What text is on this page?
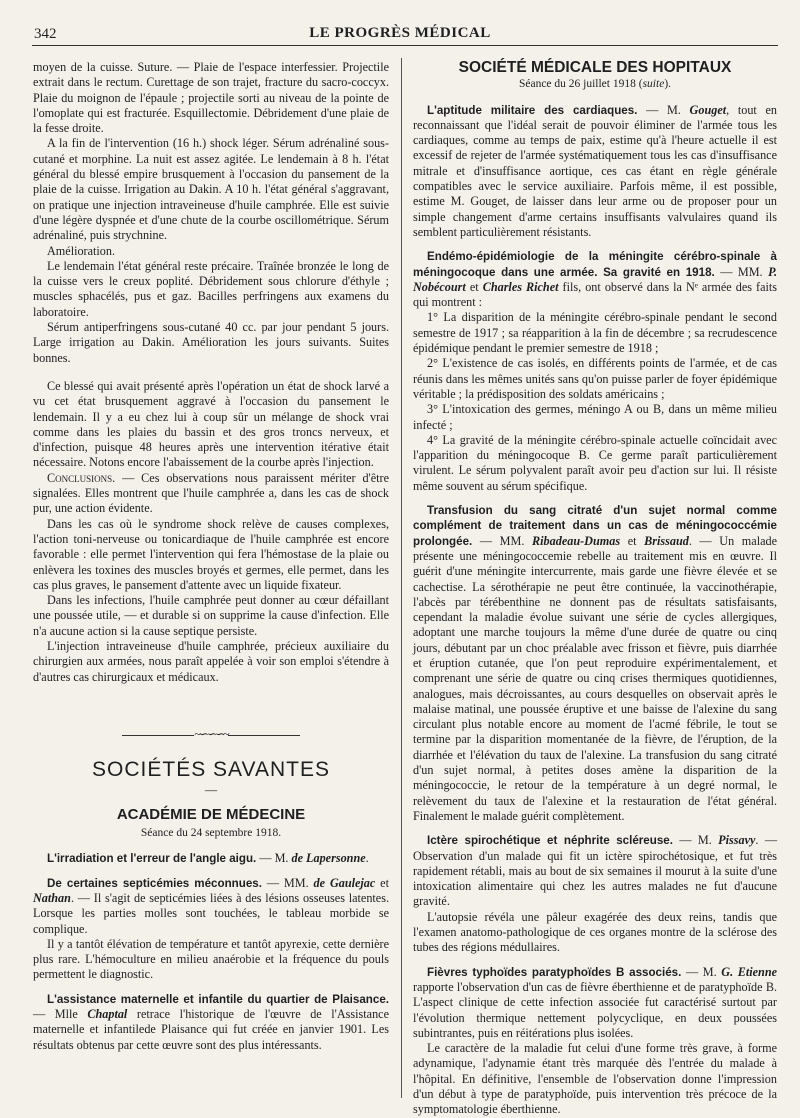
342	LE PROGRÈS MÉDICAL

moyen de la cuisse. Suture. — Plaie de l'espace interfessier. Projectile extrait dans le rectum. Curettage de son trajet, fracture du sacro-coccyx. Plaie du moignon de l'épaule ; projectile sorti au niveau de la pointe de l'omoplate qui est fracturée. Esquillectomie. Débridement d'une plaie de la fesse droite.

A la fin de l'intervention (16 h.) shock léger. Sérum adrénaliné sous-cutané et morphine. La nuit est assez agitée. Le lendemain à 8 h. l'état général du blessé empire brusquement à l'occasion du pansement de la plaie de la cuisse. Irrigation au Dakin. A 10 h. l'état général s'aggravant, on pratique une injection intraveineuse d'huile camphrée. Elle est suivie d'une légère dyspnée et d'une chute de la courbe oscillométrique. Sérum adrénaliné, puis strychnine.

Amélioration.

Le lendemain l'état général reste précaire. Traînée bronzée le long de la cuisse vers le creux poplité. Débridement sous chlorure d'éthyle ; muscles sphacélés, pus et gaz. Bacilles perfringens aux examens du laboratoire.

Sérum antiperfringens sous-cutané 40 cc. par jour pendant 5 jours. Large irrigation au Dakin. Amélioration les jours suivants. Suites bonnes.

Ce blessé qui avait présenté après l'opération un état de shock larvé a vu cet état brusquement aggravé à l'occasion du pansement le lendemain. Il y a eu chez lui à coup sûr un mélange de shock vrai comme dans les plaies du bassin et des gros troncs nerveux, et d'infection, puisque 48 heures après une intervention itérative était nécessaire. Notons encore l'abaissement de la courbe après l'injection.

Conclusions. — Ces observations nous paraissent mériter d'être signalées. Elles montrent que l'huile camphrée a, dans les cas de shock pur, une action évidente.

Dans les cas où le syndrome shock relève de causes complexes, l'action toni-nerveuse ou tonicardiaque de l'huile camphrée est encore favorable : elle permet l'intervention qui fera l'hémostase de la plaie ou enlèvera les toxines des muscles broyés et germes, elle permet, dans les cas plus graves, le pansement d'attente avec un liquide fixateur.

Dans les infections, l'huile camphrée peut donner au cœur défaillant une poussée utile, — et durable si on supprime la cause d'infection. Elle n'a aucune action si la cause septique persiste.

L'injection intraveineuse d'huile camphrée, précieux auxiliaire du chirurgien aux armées, nous paraît appelée à voir son emploi s'étendre à d'autres cas chirurgicaux et médicaux.

~∽∽∽~
SOCIÉTÉS SAVANTES
—
ACADÉMIE DE MÉDECINE
Séance du 24 septembre 1918.

L'irradiation et l'erreur de l'angle aigu. — M. de Lapersonne.

De certaines septicémies méconnues. — MM. de Gaulejac et Nathan. — Il s'agit de septicémies liées à des lésions osseuses latentes. Lorsque les parties molles sont touchées, le tableau morbide se complique.

Il y a tantôt élévation de température et tantôt apyrexie, cette dernière plus rare. L'hémoculture en milieu anaérobie et la fréquence du pouls permettent le diagnostic.

L'assistance maternelle et infantile du quartier de Plaisance. — Mlle Chaptal retrace l'historique de l'œuvre de l'Assistance maternelle et infantilede Plaisance qui fut créée en janvier 1901. Les résultats obtenus par cette œuvre sont des plus intéressants.

SOCIÉTÉ MÉDICALE DES HOPITAUX
Séance du 26 juillet 1918 (suite).

L'aptitude militaire des cardiaques. — M. Gouget, tout en reconnaissant que l'idéal serait de pouvoir éliminer de l'armée tous les cardiaques, comme au temps de paix, estime qu'à l'heure actuelle il est excessif de rejeter de l'armée systématiquement tous les cas d'insuffisance mitrale et d'insuffisance aortique, ces cas étant en règle générale compatibles avec le service auxiliaire. Parfois même, il est possible, estime M. Gouget, de laisser dans leur arme ou de proposer pour un simple changement d'arme certains insuffisants valvulaires quand ils semblent particulièrement résistants.

Endémo-épidémiologie de la méningite cérébro-spinale à méningocoque dans une armée. Sa gravité en 1918. — MM. P. Nobécourt et Charles Richet fils, ont observé dans la Nᵉ armée des faits qui montrent :

1° La disparition de la méningite cérébro-spinale pendant le second semestre de 1917 ; sa réapparition à la fin de décembre ; sa recrudescence épidémique pendant le premier semestre de 1918 ;

2° L'existence de cas isolés, en différents points de l'armée, et de cas réunis dans les mêmes unités sans qu'on puisse parler de foyer épidémique véritable ; la prédisposition des soldats américains ;

3° L'intoxication des germes, méningo A ou B, dans un même milieu infecté ;

4° La gravité de la méningite cérébro-spinale actuelle coïncidait avec l'apparition du méningocoque B. Ce germe paraît particulièrement virulent. Le sérum polyvalent paraît avoir peu d'action sur lui. Il résiste même souvent au sérum spécifique.

Transfusion du sang citraté d'un sujet normal comme complément de traitement dans un cas de méningococcémie prolongée. — MM. Ribadeau-Dumas et Brissaud. — Un malade présente une méningococcemie rebelle au traitement mis en œuvre. Il guérit d'une méningite intercurrente, mais garde une fièvre élevée et se cachectise. La sérothérapie ne peut être continuée, la vaccinothérapie, l'abcès par térébenthine ne donnent pas de résultats satisfaisants, cependant la maladie évolue suivant une série de cycles allergiques, adoptant une marche toujours la même d'une durée de quatre ou cinq jours, débutant par un choc préalable avec frisson et fièvre, puis diarrhée et éruption cutanée, que l'on peut reproduire expérimentalement, et comprenant une série de quatre ou cinq crises thermiques quotidiennes, analogues, mais décroissantes, au cours desquelles on observait après le malaise matinal, une poussée éruptive et une baisse de l'alexine du sang circulant plus notable encore au moment de l'acmé fébrile, le tout se termine par la disparition momentanée de la fièvre, de l'éruption, de la diarrhée et l'élévation du taux de l'alexine. La transfusion du sang citraté d'un sujet normal, à petites doses amène la disparition de la méningococcie, le retour de la température à un degré normal, le relèvement du taux de l'alexine et la restauration de l'état général. Finalement le malade guérit complètement.

Ictère spirochétique et néphrite scléreuse. — M. Pissavy. — Observation d'un malade qui fit un ictère spirochétosique, et fut très rapidement rétabli, mais au bout de six semaines il mourut à la suite d'une intoxication alimentaire qui chez les autres malades ne fut d'aucune gravité.

L'autopsie révéla une pâleur exagérée des deux reins, tandis que l'examen anatomo-pathologique de ces organes montre de la sclérose des tubes des régions médullaires.

Fièvres typhoïdes paratyphoïdes B associés. — M. G. Etienne rapporte l'observation d'un cas de fièvre éberthienne et de paratyphoïde B. L'aspect clinique de cette infection associée fut caractérisé surtout par l'évolution thermique nettement polycyclique, en deux poussées subintrantes, puis en réitérations plus isolées.

Le caractère de la maladie fut celui d'une forme très grave, à forme adynamique, l'adynamie étant très marquée dès l'entrée du malade à l'hôpital. En définitive, l'ensemble de l'observation donne l'impression d'un début à type de paratyphoïde, puis intervention très précoce de la symptomatologie éberthienne.
